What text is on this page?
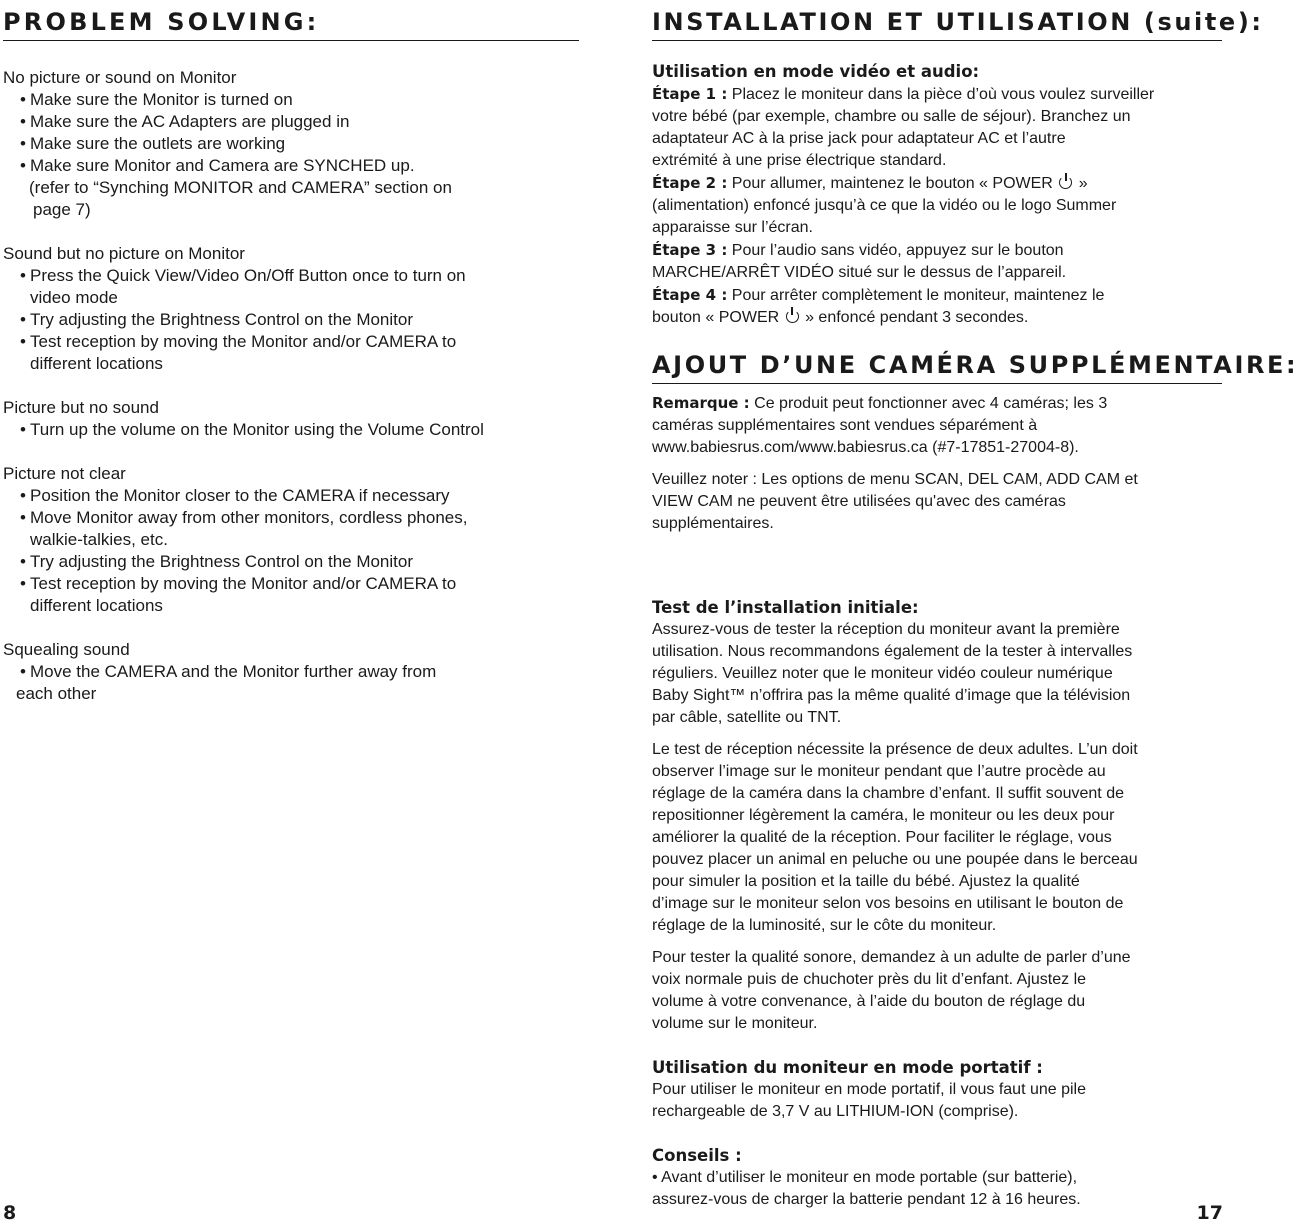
PROBLEM SOLVING:

No picture or sound on Monitor

• Make sure the Monitor is turned on

• Make sure the AC Adapters are plugged in

• Make sure the outlets are working

• Make sure Monitor and Camera are SYNCHED up.

(refer to “Synching MONITOR and CAMERA” section on

page 7)

Sound but no picture on Monitor

• Press the Quick View/Video On/Off Button once to turn on

video mode

• Try adjusting the Brightness Control on the Monitor

• Test reception by moving the Monitor and/or CAMERA to

different locations

Picture but no sound

• Turn up the volume on the Monitor using the Volume Control

Picture not clear

• Position the Monitor closer to the CAMERA if necessary

• Move Monitor away from other monitors, cordless phones,

walkie-talkies, etc.

• Try adjusting the Brightness Control on the Monitor

• Test reception by moving the Monitor and/or CAMERA to

different locations

Squealing sound

• Move the CAMERA and the Monitor further away from

each other

8
INSTALLATION ET UTILISATION (suite):

Utilisation en mode vidéo et audio:

Étape 1 : Placez le moniteur dans la pièce d’où vous voulez surveiller

votre bébé (par exemple, chambre ou salle de séjour). Branchez un

adaptateur AC à la prise jack pour adaptateur AC et l’autre

extrémité à une prise électrique standard.

Étape 2 : Pour allumer, maintenez le bouton « POWER »

(alimentation) enfoncé jusqu’à ce que la vidéo ou le logo Summer

apparaisse sur l’écran.

Étape 3 : Pour l’audio sans vidéo, appuyez sur le bouton

MARCHE/ARRÊT VIDÉO situé sur le dessus de l’appareil.

Étape 4 : Pour arrêter complètement le moniteur, maintenez le

bouton « POWER » enfoncé pendant 3 secondes.

AJOUT D’UNE CAMÉRA SUPPLÉMENTAIRE:

Remarque : Ce produit peut fonctionner avec 4 caméras; les 3

caméras supplémentaires sont vendues séparément à

www.babiesrus.com/www.babiesrus.ca (#7-17851-27004-8).

Veuillez noter : Les options de menu SCAN, DEL CAM, ADD CAM et

VIEW CAM ne peuvent être utilisées qu'avec des caméras

supplémentaires.

Test de l’installation initiale:

Assurez-vous de tester la réception du moniteur avant la première

utilisation. Nous recommandons également de la tester à intervalles

réguliers. Veuillez noter que le moniteur vidéo couleur numérique

Baby Sight™ n’offrira pas la même qualité d’image que la télévision

par câble, satellite ou TNT.

Le test de réception nécessite la présence de deux adultes. L’un doit

observer l’image sur le moniteur pendant que l’autre procède au

réglage de la caméra dans la chambre d’enfant. Il suffit souvent de

repositionner légèrement la caméra, le moniteur ou les deux pour

améliorer la qualité de la réception. Pour faciliter le réglage, vous

pouvez placer un animal en peluche ou une poupée dans le berceau

pour simuler la position et la taille du bébé. Ajustez la qualité

d’image sur le moniteur selon vos besoins en utilisant le bouton de

réglage de la luminosité, sur le côte du moniteur.

Pour tester la qualité sonore, demandez à un adulte de parler d’une

voix normale puis de chuchoter près du lit d’enfant. Ajustez le

volume à votre convenance, à l’aide du bouton de réglage du

volume sur le moniteur.

Utilisation du moniteur en mode portatif :

Pour utiliser le moniteur en mode portatif, il vous faut une pile

rechargeable de 3,7 V au LITHIUM-ION (comprise).

Conseils :

• Avant d’utiliser le moniteur en mode portable (sur batterie),

assurez-vous de charger la batterie pendant 12 à 16 heures.

17
